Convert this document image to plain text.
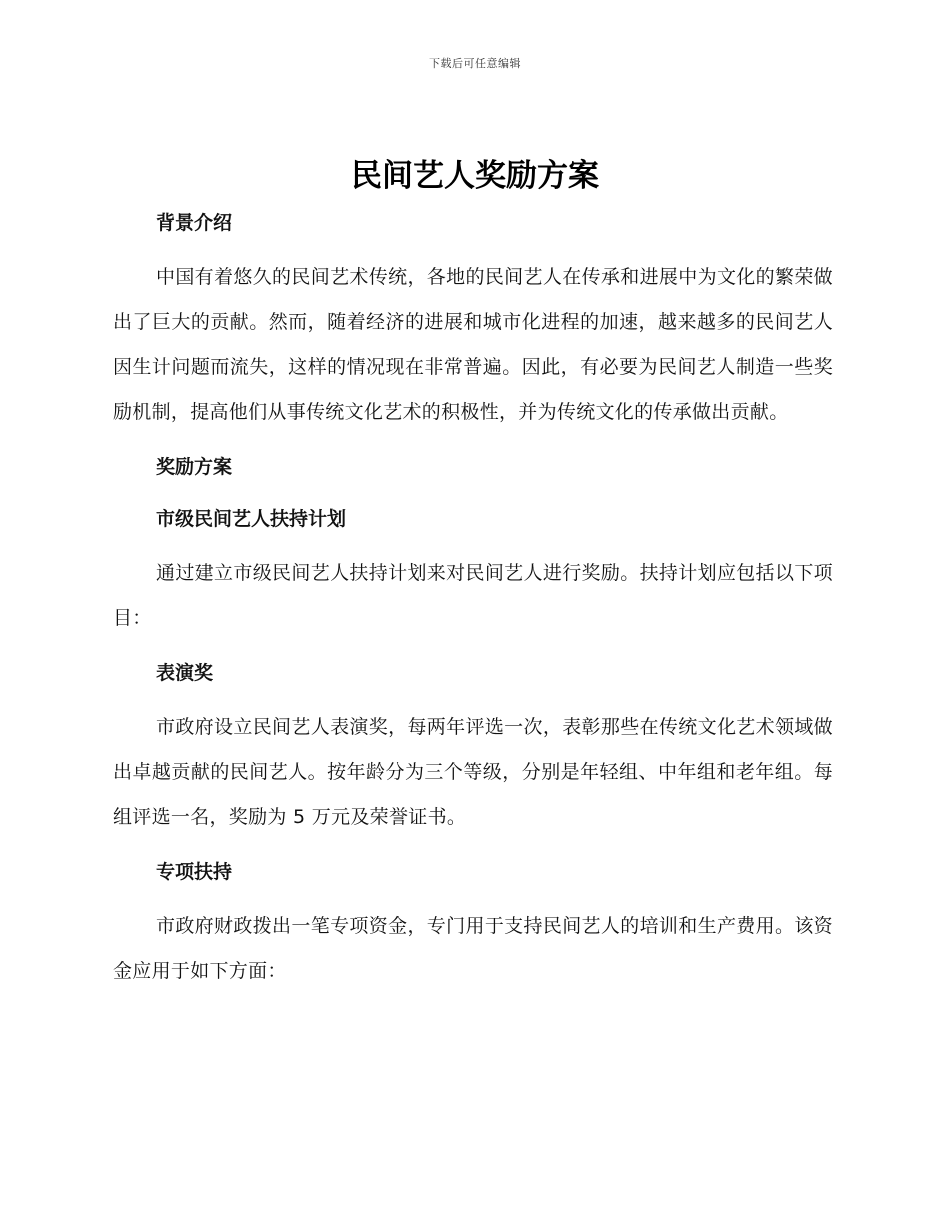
下载后可任意编辑
民间艺人奖励方案
背景介绍

中国有着悠久的民间艺术传统，各地的民间艺人在传承和进展中为文化的繁荣做出了巨大的贡献。然而，随着经济的进展和城市化进程的加速，越来越多的民间艺人因生计问题而流失，这样的情况现在非常普遍。因此，有必要为民间艺人制造一些奖励机制，提高他们从事传统文化艺术的积极性，并为传统文化的传承做出贡献。

奖励方案
市级民间艺人扶持计划

通过建立市级民间艺人扶持计划来对民间艺人进行奖励。扶持计划应包括以下项目：

表演奖

市政府设立民间艺人表演奖，每两年评选一次，表彰那些在传统文化艺术领域做出卓越贡献的民间艺人。按年龄分为三个等级，分别是年轻组、中年组和老年组。每组评选一名，奖励为 5 万元及荣誉证书。

专项扶持

市政府财政拨出一笔专项资金，专门用于支持民间艺人的培训和生产费用。该资金应用于如下方面：
